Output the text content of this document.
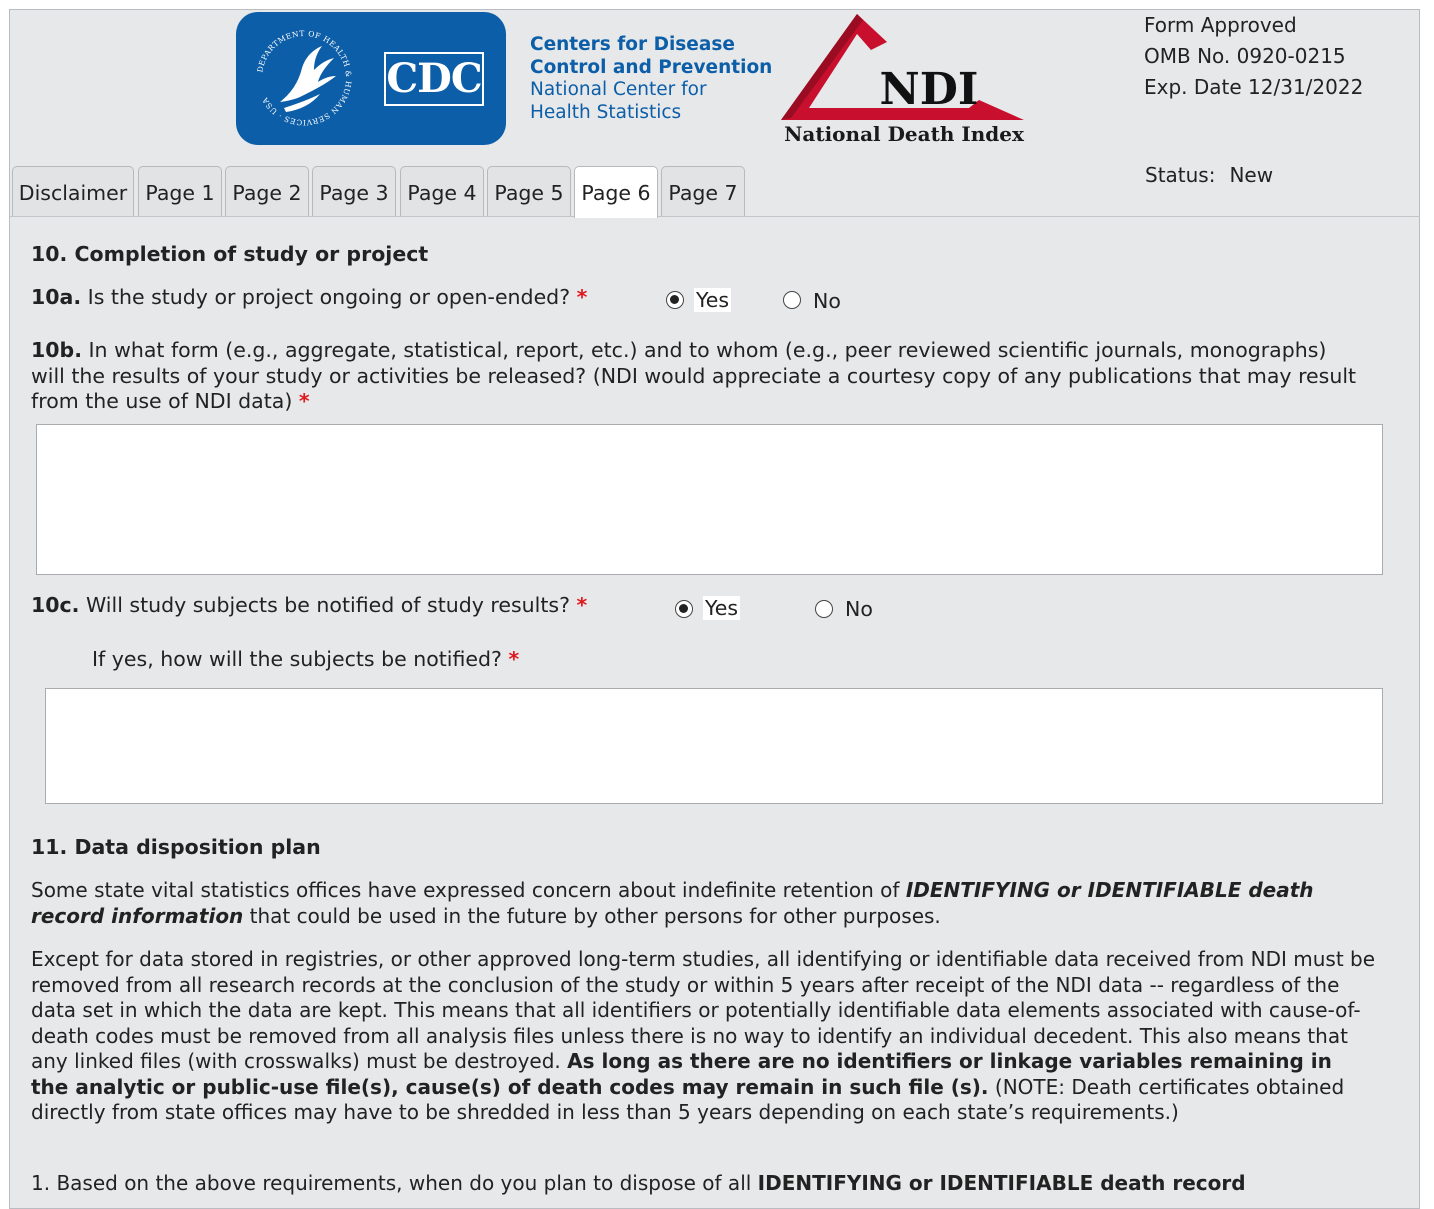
DEPARTMENT OF HEALTH & HUMAN SERVICES · USA	CDC
Centers for Disease
Control and Prevention
National Center for
Health Statistics	NDI
National Death Index
Form Approved
OMB No. 0920-0215
Exp. Date 12/31/2022
Status: New
Disclaimer Page 1 Page 2 Page 3 Page 4 Page 5 Page 6 Page 7
10. Completion of study or project
10a. Is the study or project ongoing or open-ended? *	Yes	No
10b. In what form (e.g., aggregate, statistical, report, etc.) and to whom (e.g., peer reviewed scientific journals, monographs) will the results of your study or activities be released? (NDI would appreciate a courtesy copy of any publications that may result from the use of NDI data) *
10c. Will study subjects be notified of study results? *	Yes	No
If yes, how will the subjects be notified? *
11. Data disposition plan
Some state vital statistics offices have expressed concern about indefinite retention of IDENTIFYING or IDENTIFIABLE death record information that could be used in the future by other persons for other purposes.
Except for data stored in registries, or other approved long-term studies, all identifying or identifiable data received from NDI must be removed from all research records at the conclusion of the study or within 5 years after receipt of the NDI data -- regardless of the data set in which the data are kept. This means that all identifiers or potentially identifiable data elements associated with cause-of-death codes must be removed from all analysis files unless there is no way to identify an individual decedent. This also means that any linked files (with crosswalks) must be destroyed. As long as there are no identifiers or linkage variables remaining in the analytic or public-use file(s), cause(s) of death codes may remain in such file (s). (NOTE: Death certificates obtained directly from state offices may have to be shredded in less than 5 years depending on each state’s requirements.)
1. Based on the above requirements, when do you plan to dispose of all IDENTIFYING or IDENTIFIABLE death record
